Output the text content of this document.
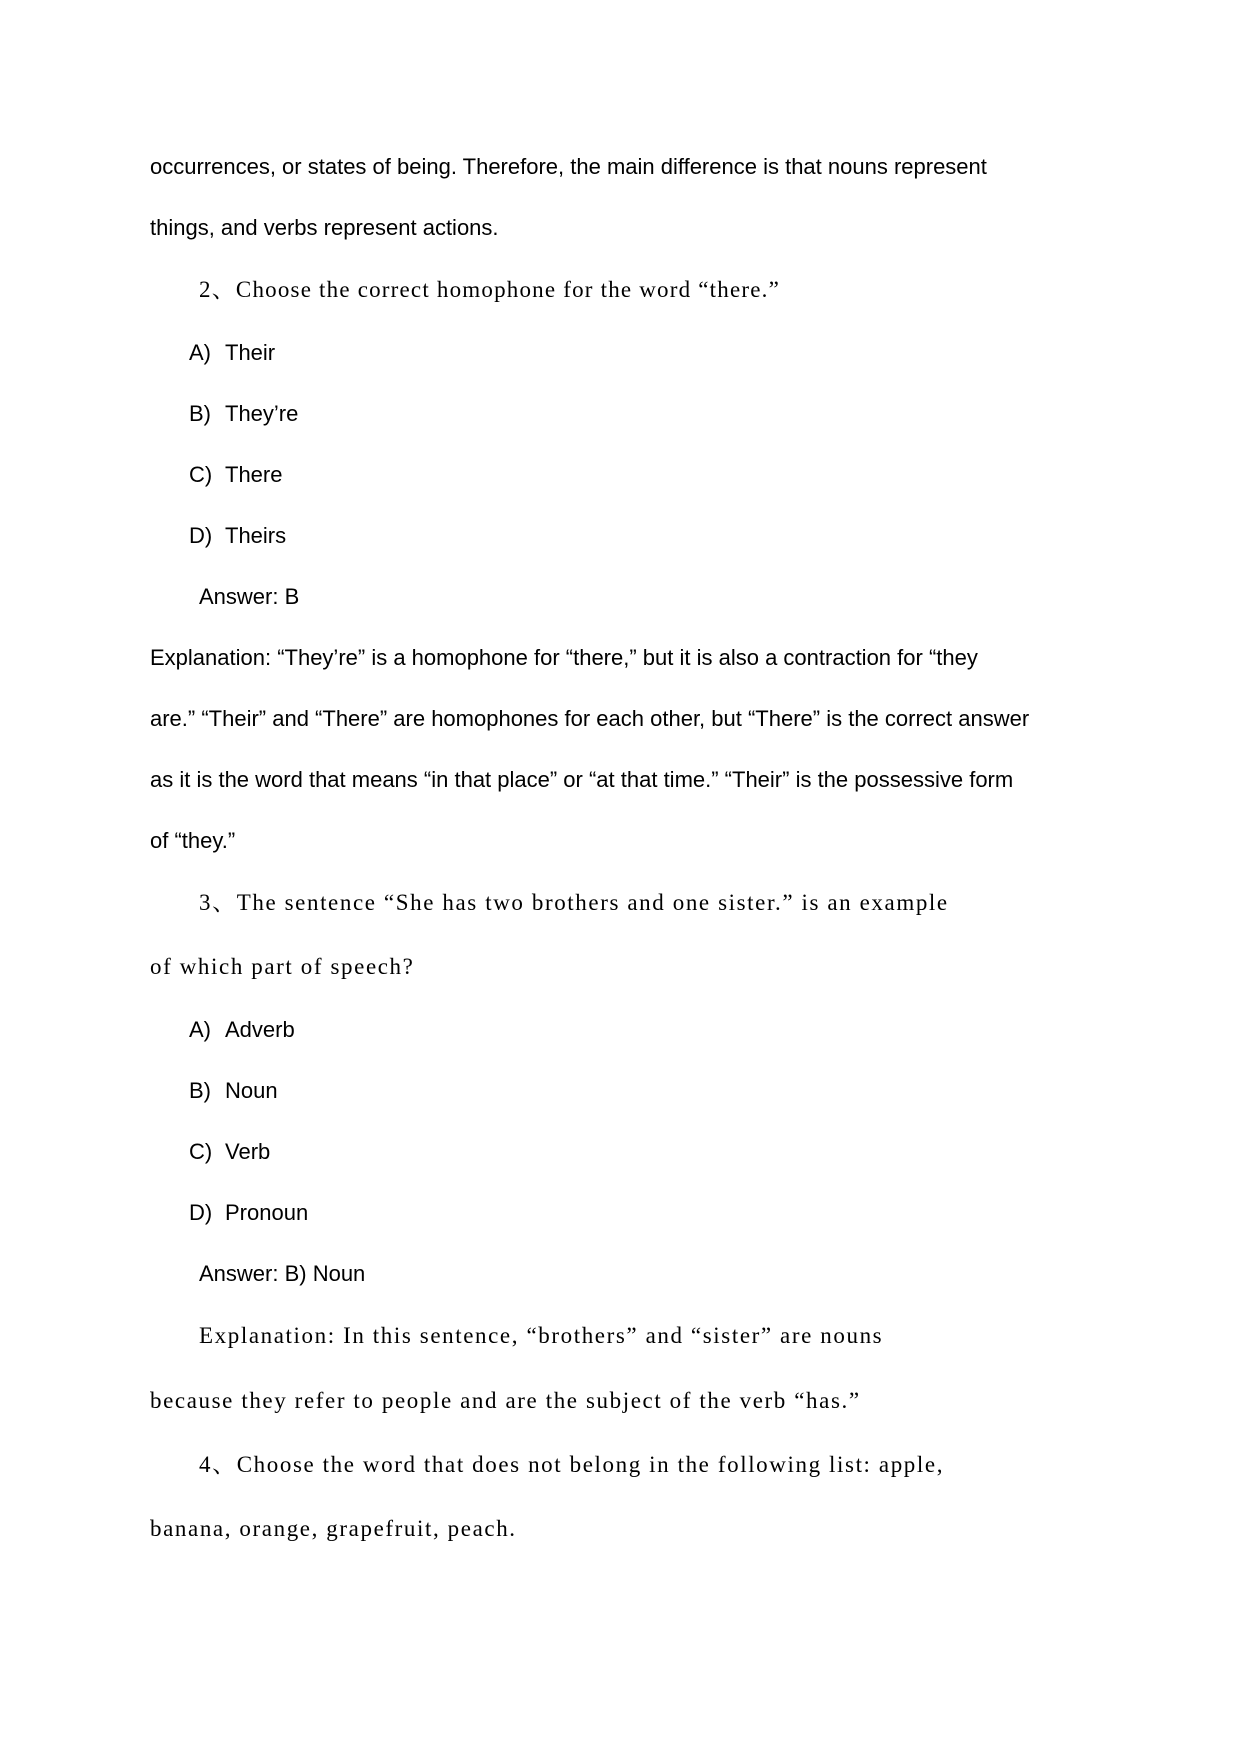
occurrences, or states of being. Therefore, the main difference is that nouns represent
things, and verbs represent actions.
2、Choose the correct homophone for the word “there.”
A) Their
B) They’re
C) There
D) Theirs
Answer: B
Explanation: “They’re” is a homophone for “there,” but it is also a contraction for “they
are.” “Their” and “There” are homophones for each other, but “There” is the correct answer
as it is the word that means “in that place” or “at that time.” “Their” is the possessive form
of “they.”
3、The sentence “She has two brothers and one sister.” is an example
of which part of speech?
A) Adverb
B) Noun
C) Verb
D) Pronoun
Answer: B) Noun
Explanation: In this sentence, “brothers” and “sister” are nouns
because they refer to people and are the subject of the verb “has.”
4、Choose the word that does not belong in the following list: apple,
banana, orange, grapefruit, peach.
